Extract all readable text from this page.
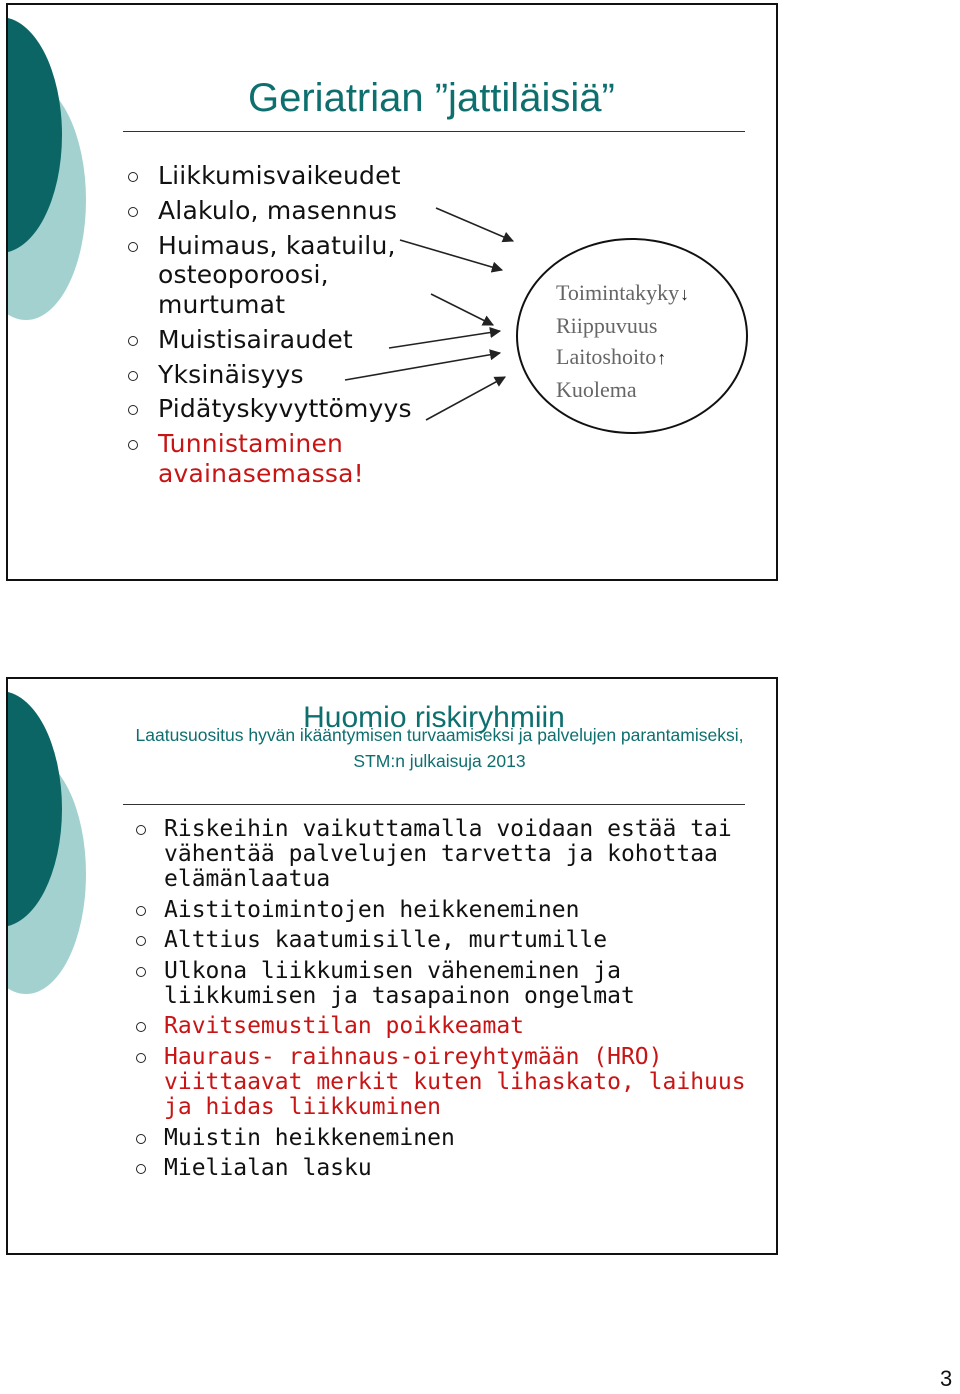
Geriatrian ”jattiläisiä”
Liikkumisvaikeudet
Alakulo, masennus
Huimaus, kaatuilu, osteoporoosi, murtumat
Muistisairaudet
Yksinäisyys
Pidätyskyvyttömyys
Tunnistaminen avainasemassa!
Toimintakyky↓
Riippuvuus
Laitoshoito↑
Kuolema
Huomio riskiryhmiin
Laatusuositus hyvän ikääntymisen turvaamiseksi ja palvelujen parantamiseksi, STM:n julkaisuja 2013
Riskeihin vaikuttamalla voidaan estää tai vähentää palvelujen tarvetta ja kohottaa elämänlaatua
Aistitoimintojen heikkeneminen
Alttius kaatumisille, murtumille
Ulkona liikkumisen väheneminen ja liikkumisen ja tasapainon ongelmat
Ravitsemustilan poikkeamat
Hauraus- raihnaus-oireyhtymään (HRO) viittaavat merkit kuten lihaskato, laihuus ja hidas liikkuminen
Muistin heikkeneminen
Mielialan lasku
3
